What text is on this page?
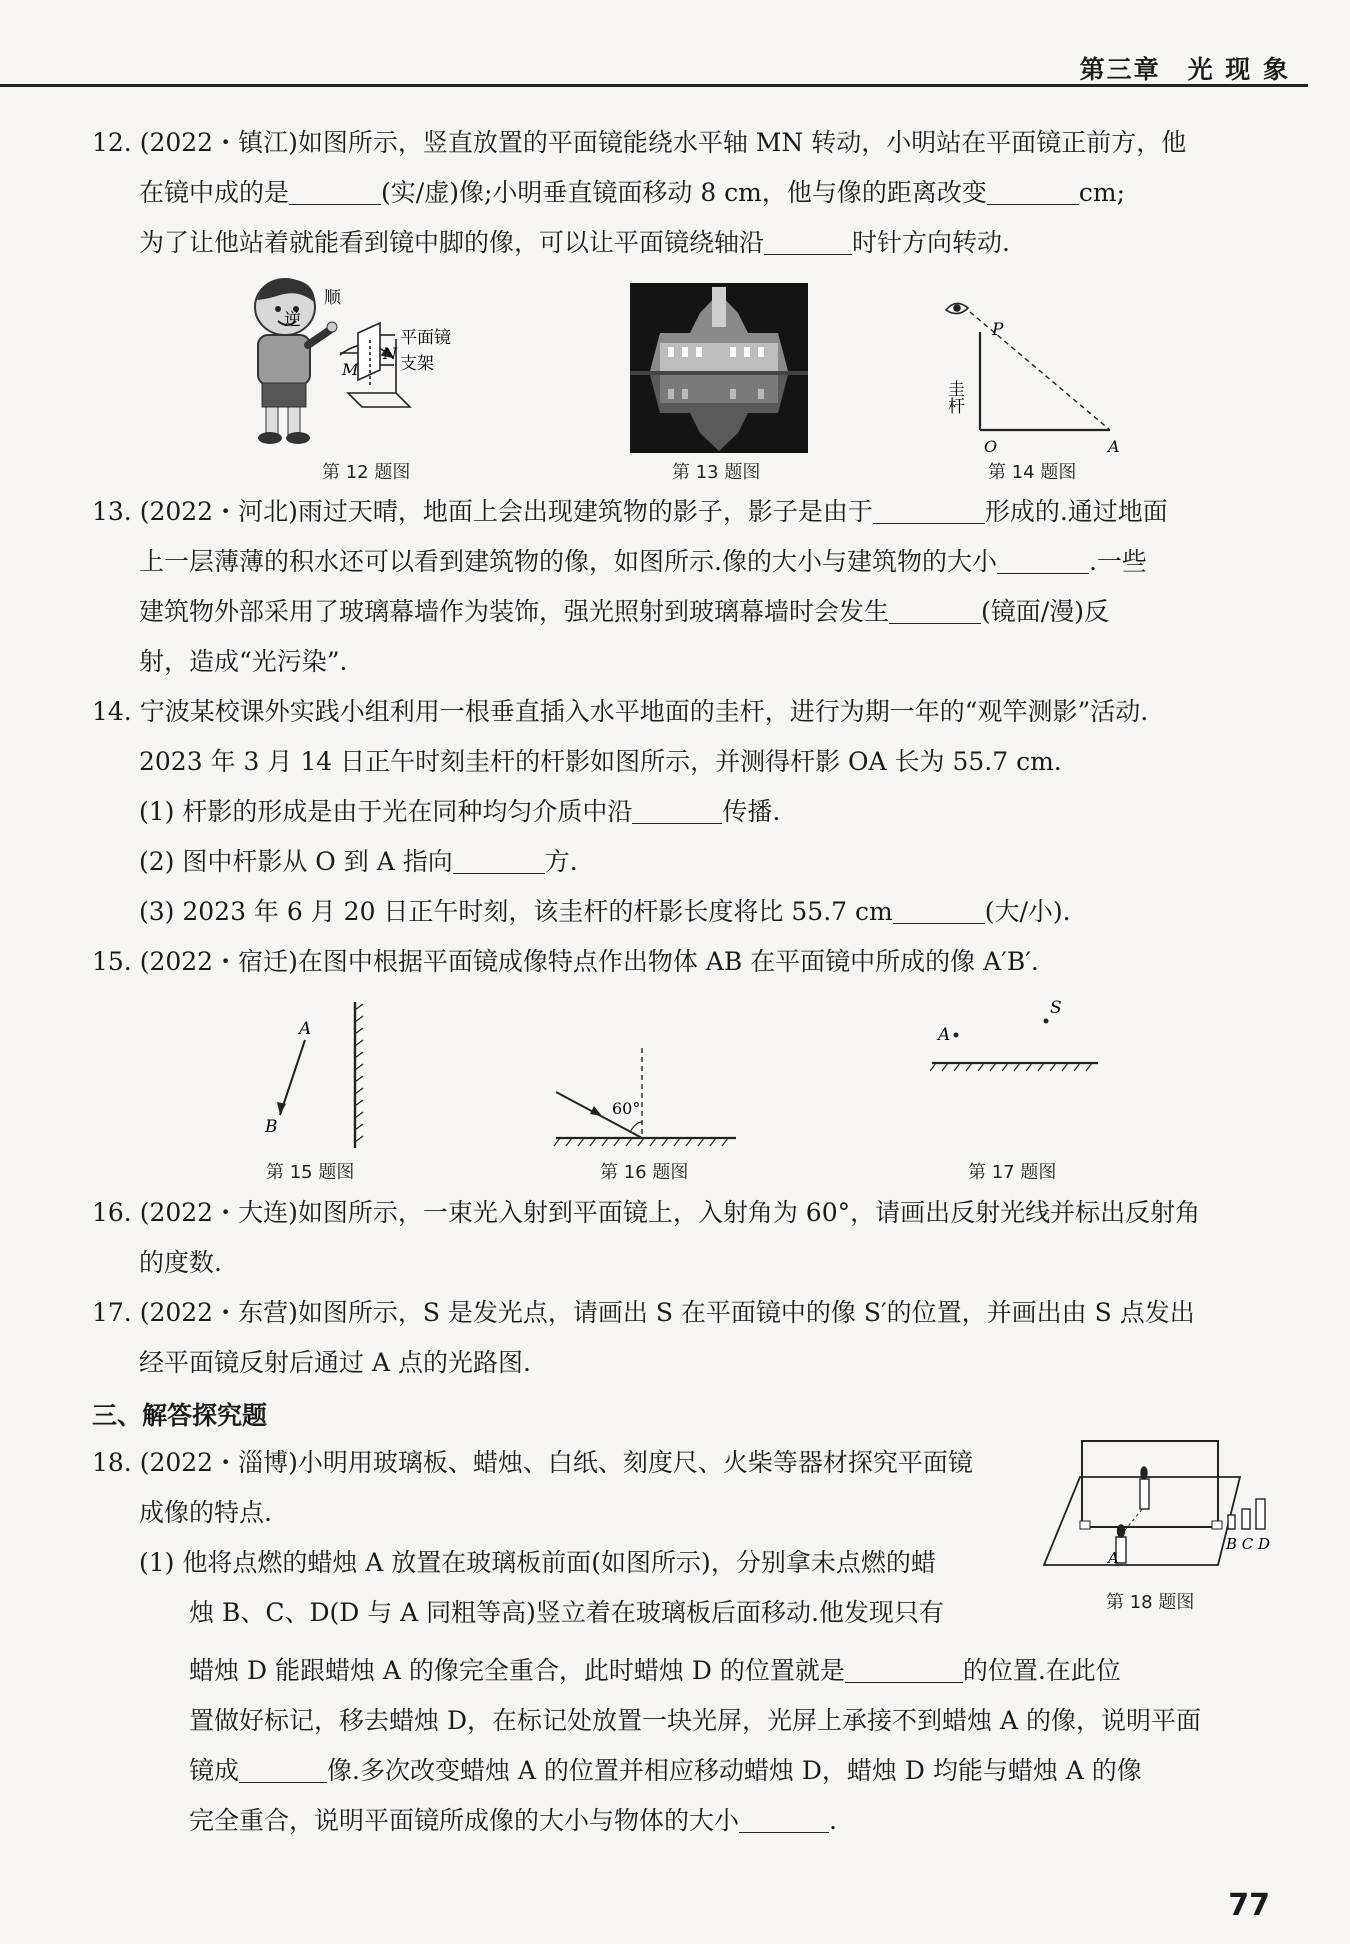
第三章　光 现 象
12. (2022・镇江)如图所示，竖直放置的平面镜能绕水平轴 MN 转动，小明站在平面镜正前方，他
在镜中成的是	(实/虚)像;小明垂直镜面移动 8 cm，他与像的距离改变	cm;
为了让他站着就能看到镜中脚的像，可以让平面镜绕轴沿	时针方向转动.
逆
顺
平面镜
支架
M
N
第 12 题图	第 13 题图
P
O	A
圭杆
第 14 题图
13. (2022・河北)雨过天晴，地面上会出现建筑物的影子，影子是由于	形成的.通过地面
上一层薄薄的积水还可以看到建筑物的像，如图所示.像的大小与建筑物的大小	.一些
建筑物外部采用了玻璃幕墙作为装饰，强光照射到玻璃幕墙时会发生	(镜面/漫)反
射，造成“光污染”.
14. 宁波某校课外实践小组利用一根垂直插入水平地面的圭杆，进行为期一年的“观竿测影”活动.
2023 年 3 月 14 日正午时刻圭杆的杆影如图所示，并测得杆影 OA 长为 55.7 cm.
(1) 杆影的形成是由于光在同种均匀介质中沿	传播.
(2) 图中杆影从 O 到 A 指向	方.
(3) 2023 年 6 月 20 日正午时刻，该圭杆的杆影长度将比 55.7 cm	(大/小).
15. (2022・宿迁)在图中根据平面镜成像特点作出物体 AB 在平面镜中所成的像 A′B′.
A
B
第 15 题图
60°
第 16 题图
A
S
第 17 题图
16. (2022・大连)如图所示，一束光入射到平面镜上，入射角为 60°，请画出反射光线并标出反射角
的度数.
17. (2022・东营)如图所示，S 是发光点，请画出 S 在平面镜中的像 S′的位置，并画出由 S 点发出
经平面镜反射后通过 A 点的光路图.
三、解答探究题
18. (2022・淄博)小明用玻璃板、蜡烛、白纸、刻度尺、火柴等器材探究平面镜
成像的特点.
(1) 他将点燃的蜡烛 A 放置在玻璃板前面(如图所示)，分别拿未点燃的蜡
烛 B、C、D(D 与 A 同粗等高)竖立着在玻璃板后面移动.他发现只有
蜡烛 D 能跟蜡烛 A 的像完全重合，此时蜡烛 D 的位置就是	的位置.在此位
置做好标记，移去蜡烛 D，在标记处放置一块光屏，光屏上承接不到蜡烛 A 的像，说明平面
镜成	像.多次改变蜡烛 A 的位置并相应移动蜡烛 D，蜡烛 D 均能与蜡烛 A 的像
完全重合，说明平面镜所成像的大小与物体的大小	.
A
B C D
第 18 题图
77
